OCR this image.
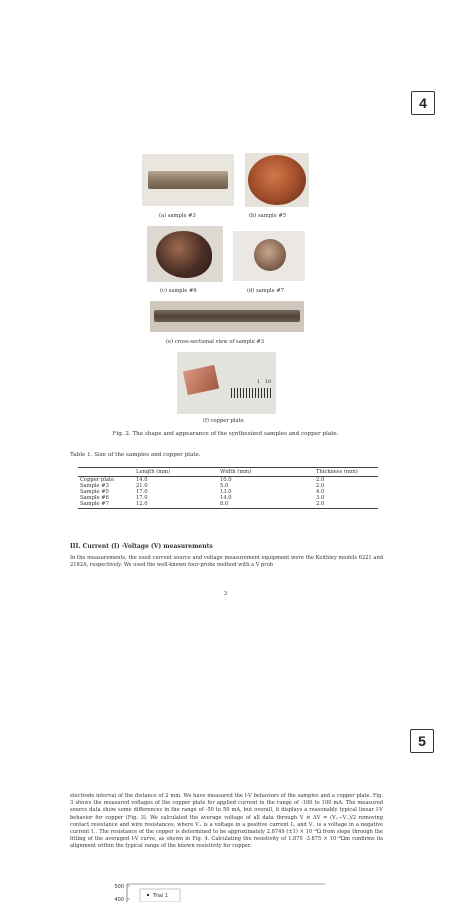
4
(a) sample #3	(b) sample #5
(c) sample #6	(d) sample #7
(e) cross-sectional view of sample #3
1 10
(f) copper plate
Fig. 2. The shape and appearance of the synthesized samples and copper plate.
Table 1. Size of the samples and copper plate.
	Length (mm)	Width (mm)	Thickness (mm)
Copper plate	14.0	10.0	2.0
Sample #3	21.0	5.0	2.0
Sample #5	17.0	13.0	4.0
Sample #6	17.0	14.0	3.0
Sample #7	12.0	8.0	2.0
III. Current (I) -Voltage (V) measurements
In the measurements, the used current source and voltage measurement equipment were the Keithley models 6221 and 2182A, respectively. We used the well-known four-probe method with a V prob
3
5
electrode interval of the distance of 2 mm. We have measured the I-V behaviors of the samples and a copper plate. Fig. 3 shows the measured voltages of the copper plate for applied current in the range of -100 to 100 mA. The measured source data show some differences in the range of -50 to 50 mA, but overall, it displays a reasonably typical linear I-V behavior for copper (Fig. 3). We calculated the average voltage of all data through V ≡ ΔV = (V₊−V₋)/2 removing contact resistance and wire resistances, where V₊ is a voltage in a positive current I₊ and V₋ is a voltage in a negative current I₋. The resistance of the copper is determined to be approximately 2.8749 (±1) × 10⁻⁴Ω from slope through the fitting of the averaged I-V curve, as shown in Fig. 4. Calculating the resistivity of 1.875 -3.875 × 10⁻⁸Ωm confirms its alignment within the typical range of the known resistivity for copper.
500
400
Trial 1
